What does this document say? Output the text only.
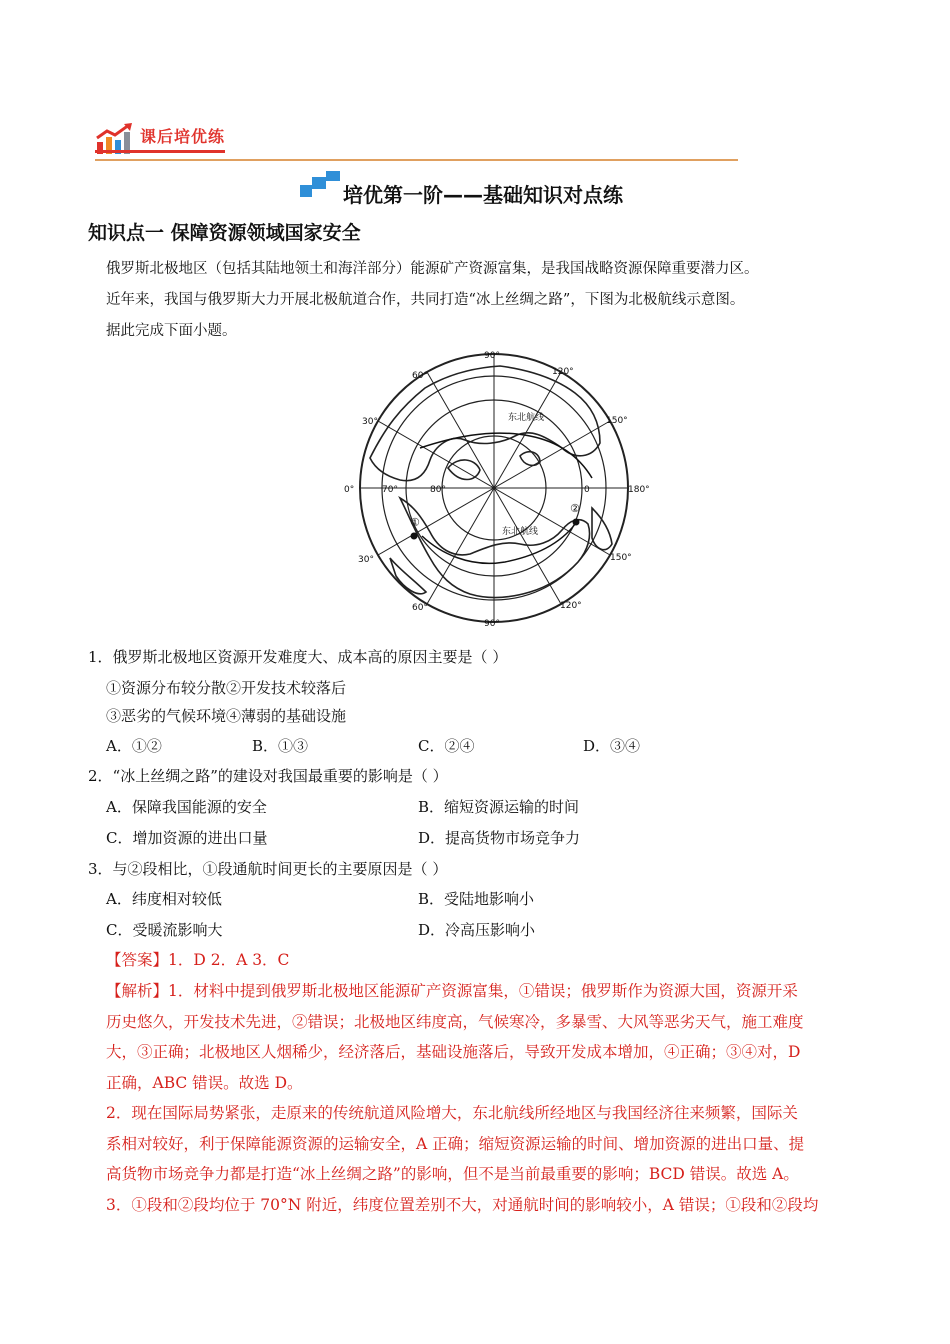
课后培优练
培优第一阶——基础知识对点练
知识点一 保障资源领域国家安全

俄罗斯北极地区（包括其陆地领土和海洋部分）能源矿产资源富集，是我国战略资源保障重要潜力区。

近年来，我国与俄罗斯大力开展北极航道合作，共同打造“冰上丝绸之路”，下图为北极航线示意图。

据此完成下面小题。

90°
120°
150°
180°
150°
120°
90°
60°
30°
0°
30°
60°
70°	80°	0
东北航线
东北航线
①
②
1．俄罗斯北极地区资源开发难度大、成本高的原因主要是（ ）
①资源分布较分散②开发技术较落后
③恶劣的气候环境④薄弱的基础设施
A．①②	B．①③	C．②④	D．③④
2．“冰上丝绸之路”的建设对我国最重要的影响是（ ）
A．保障我国能源的安全	B．缩短资源运输的时间
C．增加资源的进出口量	D．提高货物市场竞争力
3．与②段相比，①段通航时间更长的主要原因是（ ）
A．纬度相对较低	B．受陆地影响小
C．受暖流影响大	D．冷高压影响小
【答案】1．D 2．A 3．C
【解析】1．材料中提到俄罗斯北极地区能源矿产资源富集，①错误；俄罗斯作为资源大国，资源开采
历史悠久，开发技术先进，②错误；北极地区纬度高，气候寒冷，多暴雪、大风等恶劣天气，施工难度
大，③正确；北极地区人烟稀少，经济落后，基础设施落后，导致开发成本增加，④正确；③④对，D
正确，ABC 错误。故选 D。
2．现在国际局势紧张，走原来的传统航道风险增大，东北航线所经地区与我国经济往来频繁，国际关
系相对较好，利于保障能源资源的运输安全，A 正确；缩短资源运输的时间、增加资源的进出口量、提
高货物市场竞争力都是打造“冰上丝绸之路”的影响，但不是当前最重要的影响；BCD 错误。故选 A。
3．①段和②段均位于 70°N 附近，纬度位置差别不大，对通航时间的影响较小，A 错误；①段和②段均
